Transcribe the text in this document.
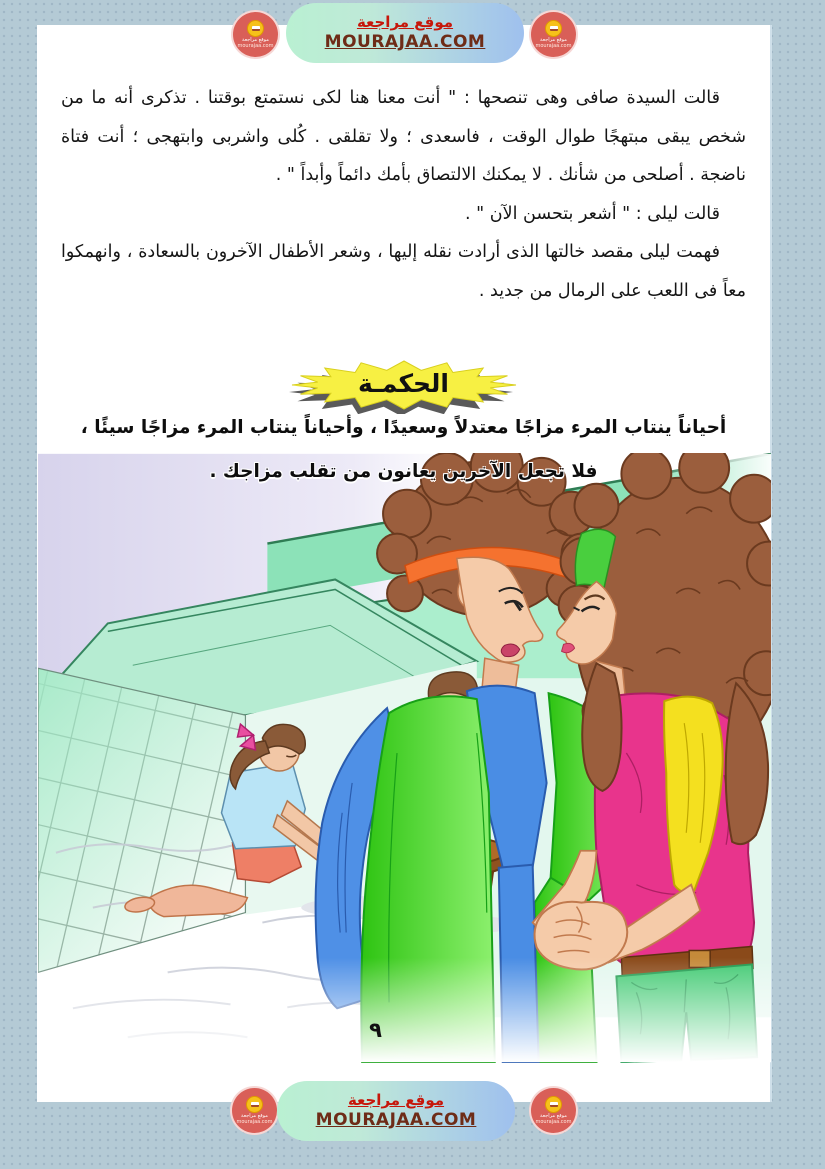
موقع مراجعة
mourajaa.com
موقع مراجعة
MOURAJAA.COM	موقع مراجعة
mourajaa.com

قالت السيدة صافى وهى تنصحها : " أنت معنا هنا لكى نستمتع بوقتنا . تذكرى أنه ما من شخص يبقى مبتهجًا طوال الوقت ، فاسعدى ؛ ولا تقلقى . كُلى واشربى وابتهجى ؛ أنت فتاة ناضجة . أصلحى من شأنك . لا يمكنك الالتصاق بأمك دائماً وأبداً " .

قالت ليلى : " أشعر بتحسن الآن " .

فهمت ليلى مقصد خالتها الذى أرادت نقله إليها ، وشعر الأطفال الآخرون بالسعادة ، وانهمكوا معاً فى اللعب على الرمال من جديد .

الحكمـة
أحياناً ينتاب المرء مزاجًا معتدلاً وسعيدًا ، وأحياناً ينتاب المرء مزاجًا سيئًا ،
فلا تجعل الآخرين يعانون من تقلب مزاجك .
٩
موقع مراجعة
mourajaa.com
موقع مراجعة
MOURAJAA.COM	موقع مراجعة
mourajaa.com
